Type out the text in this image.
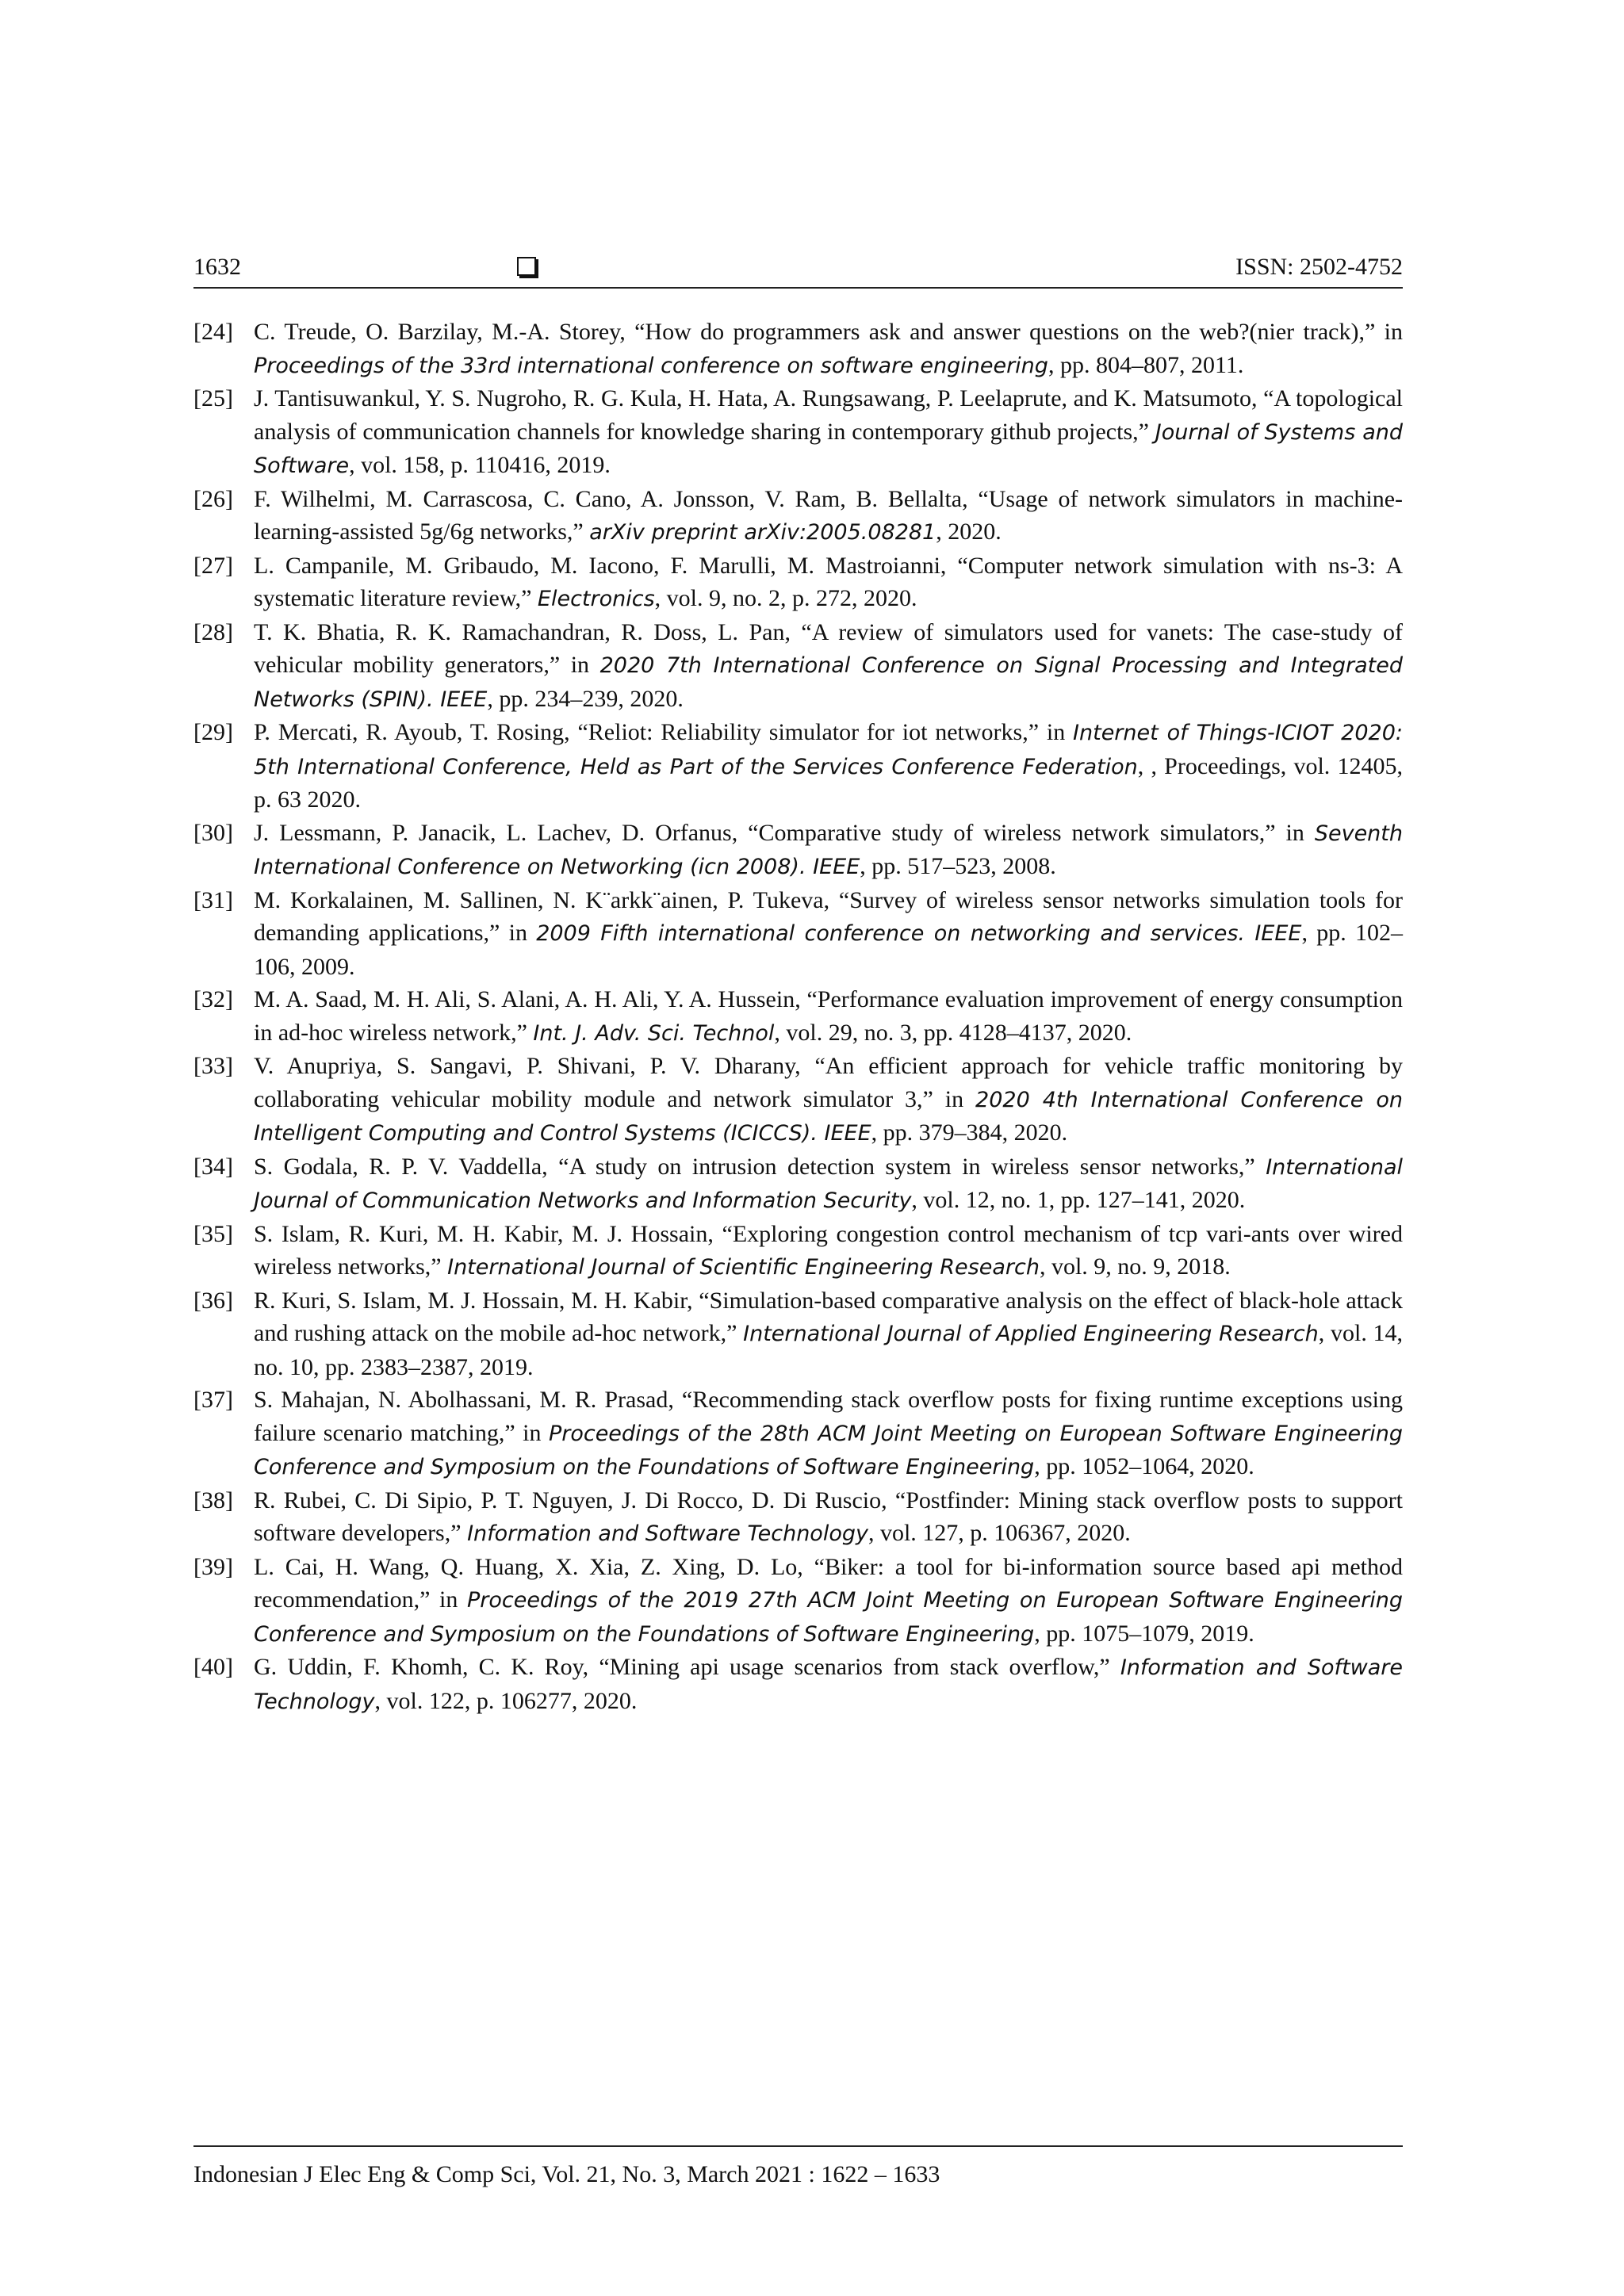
1632	ISSN: 2502-4752
[24] C. Treude, O. Barzilay, M.-A. Storey, “How do programmers ask and answer questions on the web?(nier track),” in Proceedings of the 33rd international conference on software engineering, pp. 804–807, 2011.
[25] J. Tantisuwankul, Y. S. Nugroho, R. G. Kula, H. Hata, A. Rungsawang, P. Leelaprute, and K. Matsumoto, “A topological analysis of communication channels for knowledge sharing in contemporary github projects,” Journal of Systems and Software, vol. 158, p. 110416, 2019.
[26] F. Wilhelmi, M. Carrascosa, C. Cano, A. Jonsson, V. Ram, B. Bellalta, “Usage of network simulators in machine-learning-assisted 5g/6g networks,” arXiv preprint arXiv:2005.08281, 2020.
[27] L. Campanile, M. Gribaudo, M. Iacono, F. Marulli, M. Mastroianni, “Computer network simulation with ns-3: A systematic literature review,” Electronics, vol. 9, no. 2, p. 272, 2020.
[28] T. K. Bhatia, R. K. Ramachandran, R. Doss, L. Pan, “A review of simulators used for vanets: The case-study of vehicular mobility generators,” in 2020 7th International Conference on Signal Processing and Integrated Networks (SPIN). IEEE, pp. 234–239, 2020.
[29] P. Mercati, R. Ayoub, T. Rosing, “Reliot: Reliability simulator for iot networks,” in Internet of Things-ICIOT 2020: 5th International Conference, Held as Part of the Services Conference Federation, , Proceedings, vol. 12405, p. 63 2020.
[30] J. Lessmann, P. Janacik, L. Lachev, D. Orfanus, “Comparative study of wireless network simulators,” in Seventh International Conference on Networking (icn 2008). IEEE, pp. 517–523, 2008.
[31] M. Korkalainen, M. Sallinen, N. K¨arkk¨ainen, P. Tukeva, “Survey of wireless sensor networks simulation tools for demanding applications,” in 2009 Fifth international conference on networking and services. IEEE, pp. 102–106, 2009.
[32] M. A. Saad, M. H. Ali, S. Alani, A. H. Ali, Y. A. Hussein, “Performance evaluation improvement of energy consumption in ad-hoc wireless network,” Int. J. Adv. Sci. Technol, vol. 29, no. 3, pp. 4128–4137, 2020.
[33] V. Anupriya, S. Sangavi, P. Shivani, P. V. Dharany, “An efficient approach for vehicle traffic monitoring by collaborating vehicular mobility module and network simulator 3,” in 2020 4th International Conference on Intelligent Computing and Control Systems (ICICCS). IEEE, pp. 379–384, 2020.
[34] S. Godala, R. P. V. Vaddella, “A study on intrusion detection system in wireless sensor networks,” International Journal of Communication Networks and Information Security, vol. 12, no. 1, pp. 127–141, 2020.
[35] S. Islam, R. Kuri, M. H. Kabir, M. J. Hossain, “Exploring congestion control mechanism of tcp vari-ants over wired wireless networks,” International Journal of Scientific Engineering Research, vol. 9, no. 9, 2018.
[36] R. Kuri, S. Islam, M. J. Hossain, M. H. Kabir, “Simulation-based comparative analysis on the effect of black-hole attack and rushing attack on the mobile ad-hoc network,” International Journal of Applied Engineering Research, vol. 14, no. 10, pp. 2383–2387, 2019.
[37] S. Mahajan, N. Abolhassani, M. R. Prasad, “Recommending stack overflow posts for fixing runtime exceptions using failure scenario matching,” in Proceedings of the 28th ACM Joint Meeting on European Software Engineering Conference and Symposium on the Foundations of Software Engineering, pp. 1052–1064, 2020.
[38] R. Rubei, C. Di Sipio, P. T. Nguyen, J. Di Rocco, D. Di Ruscio, “Postfinder: Mining stack overflow posts to support software developers,” Information and Software Technology, vol. 127, p. 106367, 2020.
[39] L. Cai, H. Wang, Q. Huang, X. Xia, Z. Xing, D. Lo, “Biker: a tool for bi-information source based api method recommendation,” in Proceedings of the 2019 27th ACM Joint Meeting on European Software Engineering Conference and Symposium on the Foundations of Software Engineering, pp. 1075–1079, 2019.
[40] G. Uddin, F. Khomh, C. K. Roy, “Mining api usage scenarios from stack overflow,” Information and Software Technology, vol. 122, p. 106277, 2020.
Indonesian J Elec Eng & Comp Sci, Vol. 21, No. 3, March 2021 : 1622 – 1633
